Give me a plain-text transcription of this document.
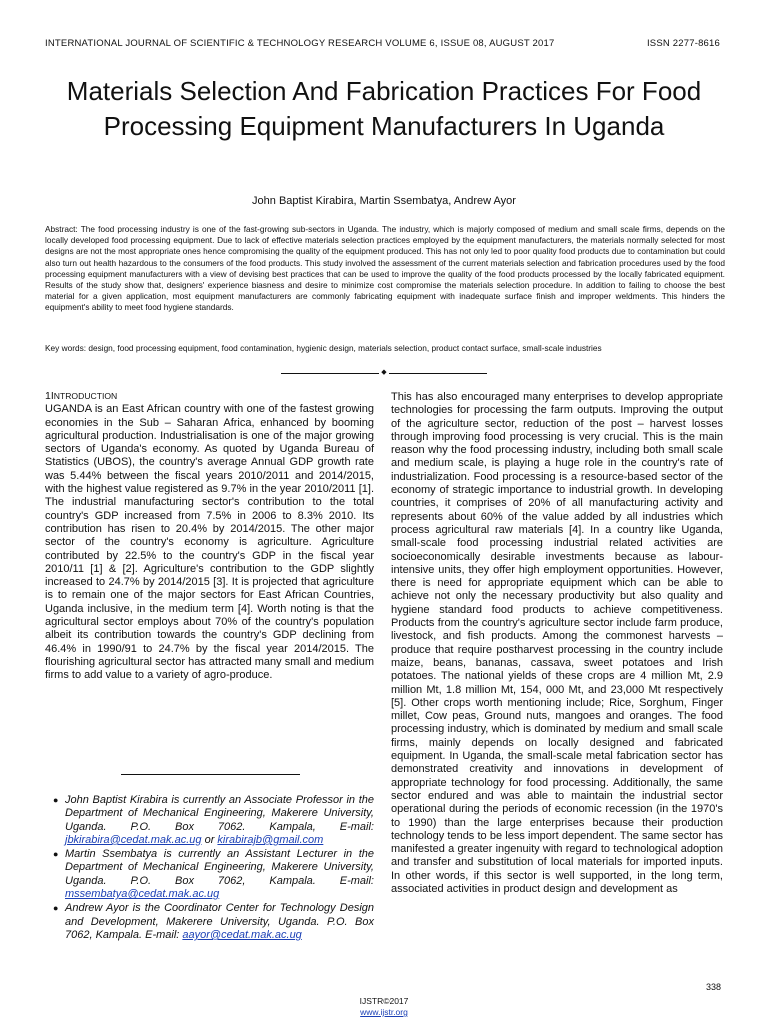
INTERNATIONAL JOURNAL OF SCIENTIFIC & TECHNOLOGY RESEARCH VOLUME 6, ISSUE 08, AUGUST 2017	ISSN 2277-8616
Materials Selection And Fabrication Practices For Food Processing Equipment Manufacturers In Uganda
John Baptist Kirabira, Martin Ssembatya, Andrew Ayor
Abstract: The food processing industry is one of the fast-growing sub-sectors in Uganda. The industry, which is majorly composed of medium and small scale firms, depends on the locally developed food processing equipment. Due to lack of effective materials selection practices employed by the equipment manufacturers, the materials normally selected for most designs are not the most appropriate ones hence compromising the quality of the equipment produced. This has not only led to poor quality food products due to contamination but could also turn out health hazardous to the consumers of the food products. This study involved the assessment of the current materials selection and fabrication procedures used by the food processing equipment manufacturers with a view of devising best practices that can be used to improve the quality of the food products processed by the locally fabricated equipment. Results of the study show that, designers' experience biasness and desire to minimize cost compromise the materials selection procedure. In addition to failing to choose the best material for a given application, most equipment manufacturers are commonly fabricating equipment with inadequate surface finish and improper weldments. This hinders the equipment's ability to meet food hygiene standards.
Key words: design, food processing equipment, food contamination, hygienic design, materials selection, product contact surface, small-scale industries
◆

1INTRODUCTION

UGANDA is an East African country with one of the fastest growing economies in the Sub – Saharan Africa, enhanced by booming agricultural production. Industrialisation is one of the major growing sectors of Uganda's economy. As quoted by Uganda Bureau of Statistics (UBOS), the country's average Annual GDP growth rate was 5.44% between the fiscal years 2010/2011 and 2014/2015, with the highest value registered as 9.7% in the year 2010/2011 [1]. The industrial manufacturing sector's contribution to the total country's GDP increased from 7.5% in 2006 to 8.3% 2010. Its contribution has risen to 20.4% by 2014/2015. The other major sector of the country's economy is agriculture. Agriculture contributed by 22.5% to the country's GDP in the fiscal year 2010/11 [1] & [2]. Agriculture's contribution to the GDP slightly increased to 24.7% by 2014/2015 [3]. It is projected that agriculture is to remain one of the major sectors for East African Countries, Uganda inclusive, in the medium term [4]. Worth noting is that the agricultural sector employs about 70% of the country's population albeit its contribution towards the country's GDP declining from 46.4% in 1990/91 to 24.7% by the fiscal year 2014/2015. The flourishing agricultural sector has attracted many small and medium firms to add value to a variety of agro-produce.

● John Baptist Kirabira is currently an Associate Professor in the Department of Mechanical Engineering, Makerere University, Uganda. P.O. Box 7062. Kampala, E-mail: jbkirabira@cedat.mak.ac.ug or kirabirajb@gmail.com
● Martin Ssembatya is currently an Assistant Lecturer in the Department of Mechanical Engineering, Makerere University, Uganda. P.O. Box 7062, Kampala. E-mail: mssembatya@cedat.mak.ac.ug
● Andrew Ayor is the Coordinator Center for Technology Design and Development, Makerere University, Uganda. P.O. Box 7062, Kampala. E-mail: aayor@cedat.mak.ac.ug

This has also encouraged many enterprises to develop appropriate technologies for processing the farm outputs. Improving the output of the agriculture sector, reduction of the post – harvest losses through improving food processing is very crucial. This is the main reason why the food processing industry, including both small scale and medium scale, is playing a huge role in the country's rate of industrialization. Food processing is a resource-based sector of the economy of strategic importance to industrial growth. In developing countries, it comprises of 20% of all manufacturing activity and represents about 60% of the value added by all industries which process agricultural raw materials [4]. In a country like Uganda, small-scale food processing industrial related activities are socioeconomically desirable investments because as labour-intensive units, they offer high employment opportunities. However, there is need for appropriate equipment which can be able to achieve not only the necessary productivity but also quality and hygiene standard food products to achieve competitiveness. Products from the country's agriculture sector include farm produce, livestock, and fish products. Among the commonest harvests – produce that require postharvest processing in the country include maize, beans, bananas, cassava, sweet potatoes and Irish potatoes. The national yields of these crops are 4 million Mt, 2.9 million Mt, 1.8 million Mt, 154, 000 Mt, and 23,000 Mt respectively [5]. Other crops worth mentioning include; Rice, Sorghum, Finger millet, Cow peas, Ground nuts, mangoes and oranges. The food processing industry, which is dominated by medium and small scale firms, mainly depends on locally designed and fabricated equipment. In Uganda, the small-scale metal fabrication sector has demonstrated creativity and innovations in development of appropriate technology for food processing. Additionally, the same sector endured and was able to maintain the industrial sector operational during the periods of economic recession (in the 1970's to 1990) than the large enterprises because their production technology tends to be less import dependent. The same sector has manifested a greater ingenuity with regard to technological adoption and transfer and substitution of local materials for imported inputs. In other words, if this sector is well supported, in the long term, associated activities in product design and development as

338
IJSTR©2017
www.ijstr.org
